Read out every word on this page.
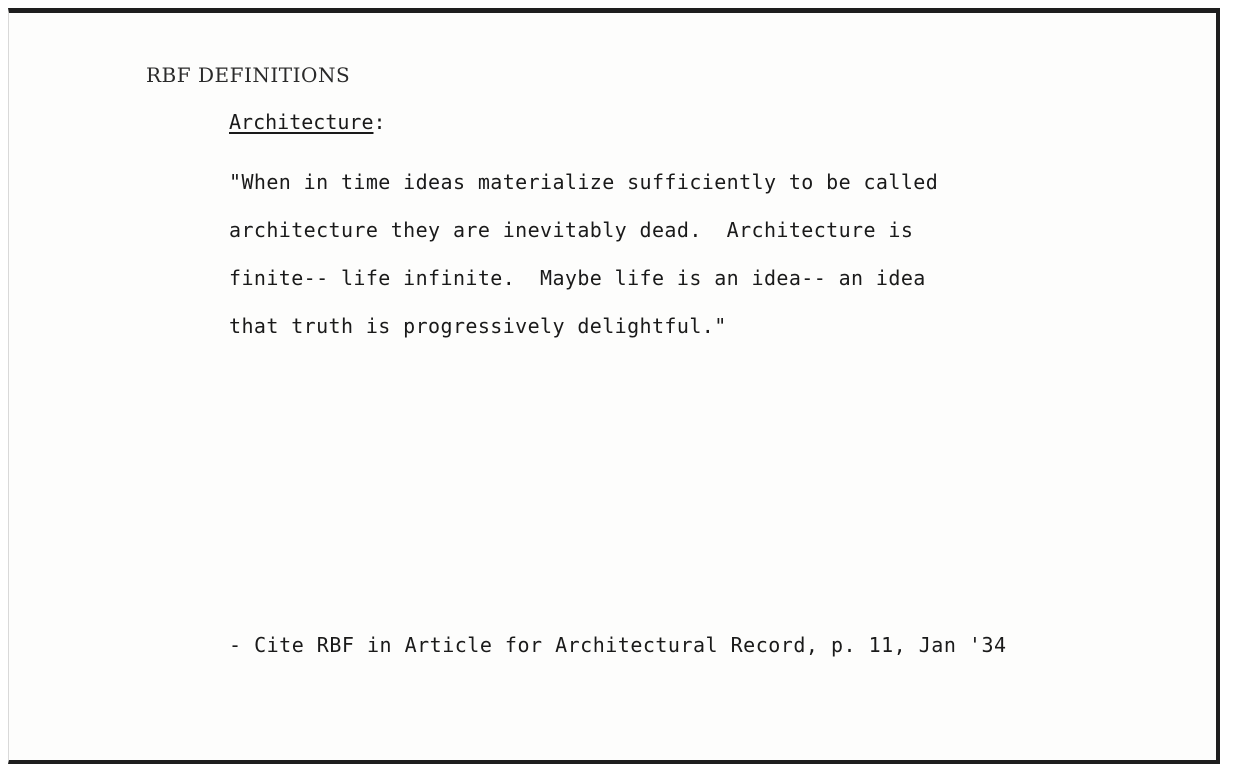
RBF DEFINITIONS
Architecture:
"When in time ideas materialize sufficiently to be called
architecture they are inevitably dead.  Architecture is
finite-- life infinite.  Maybe life is an idea-- an idea
that truth is progressively delightful."
- Cite RBF in Article for Architectural Record, p. 11, Jan '34
